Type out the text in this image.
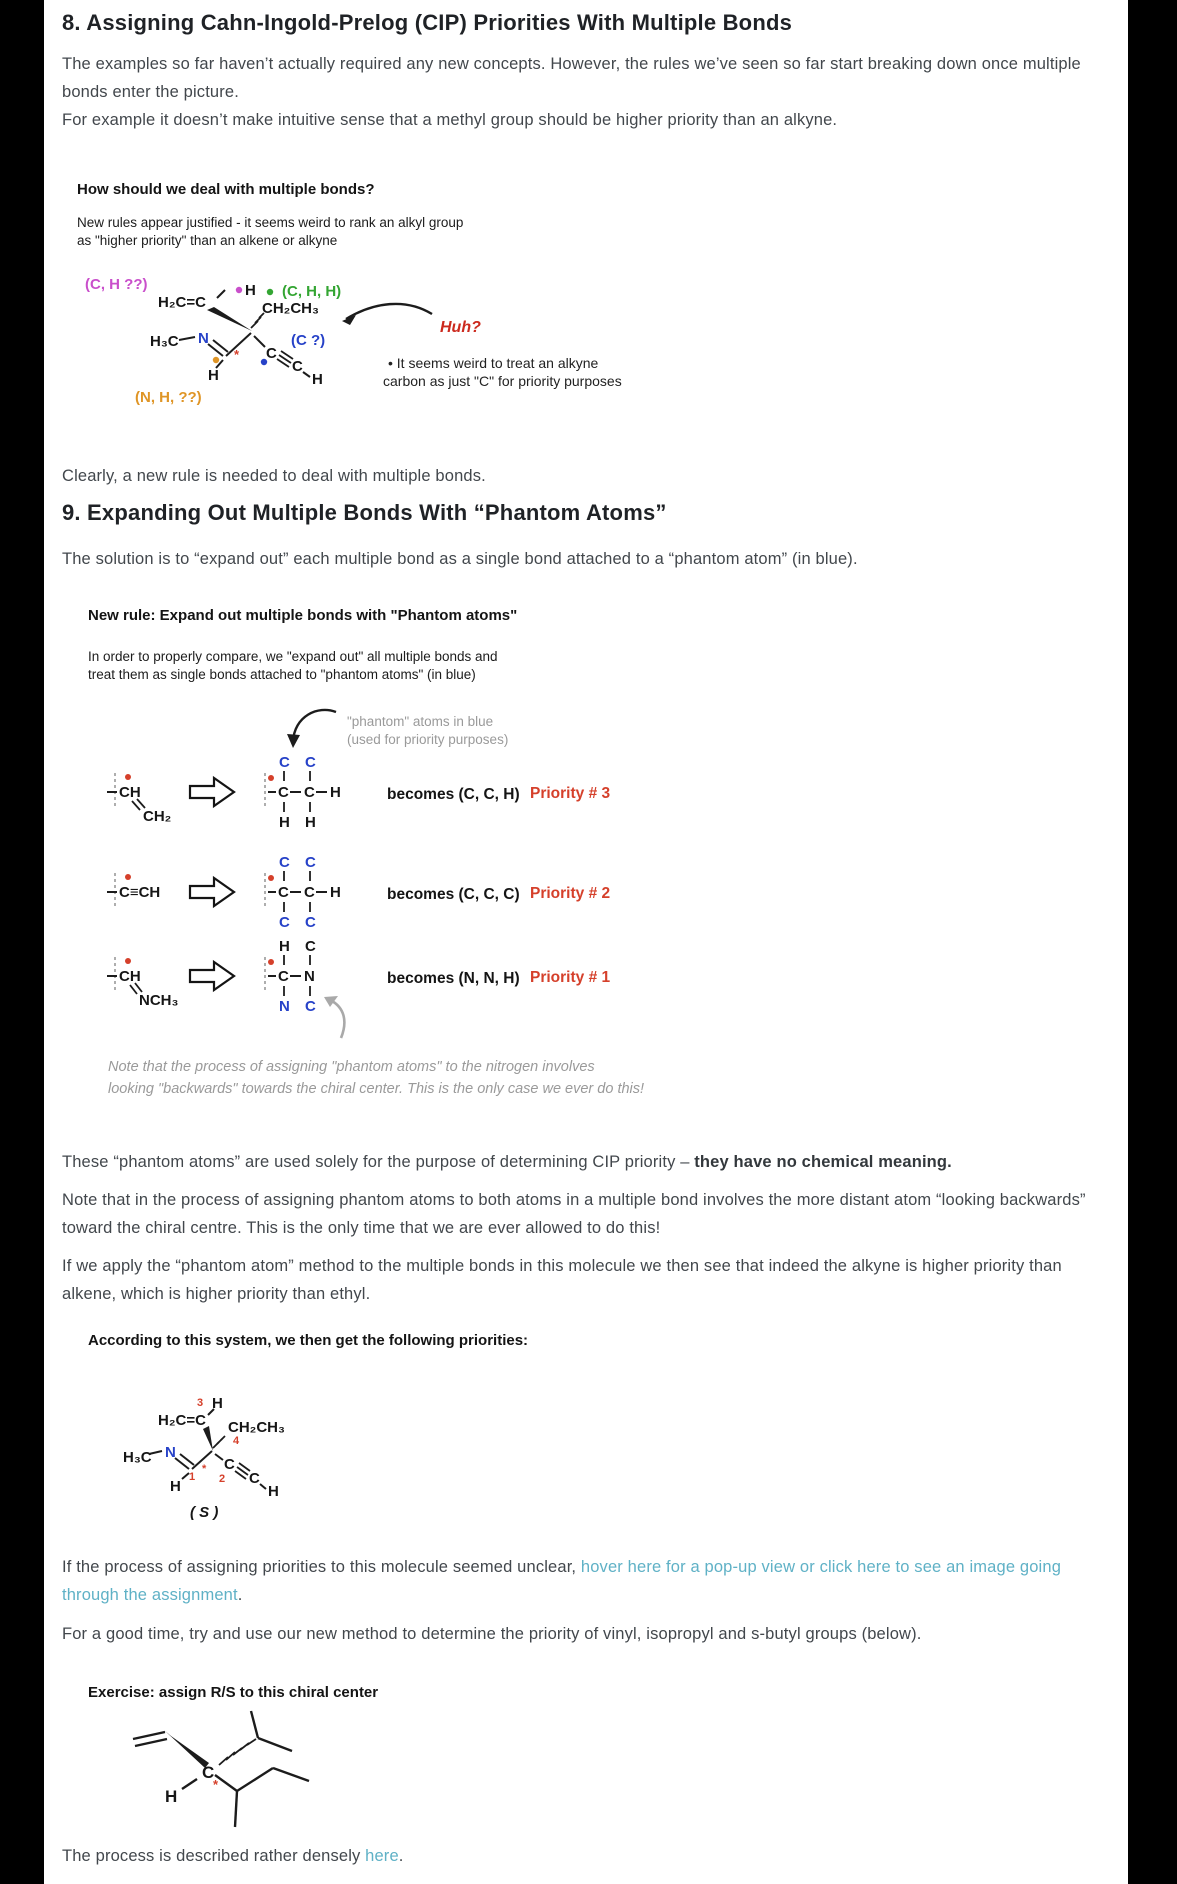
8. Assigning Cahn-Ingold-Prelog (CIP) Priorities With Multiple Bonds

The examples so far haven’t actually required any new concepts. However, the rules we’ve seen so far start breaking down once multiple bonds enter the picture.

For example it doesn’t make intuitive sense that a methyl group should be higher priority than an alkyne.

How should we deal with multiple bonds?
New rules appear justified - it seems weird to rank an alkyl group
as "higher priority" than an alkene or alkyne
(C, H ??)
H₂C=C
H (C, H, H)
CH₂CH₃
H₃C N
H
* C
C
H
(C ?)
(N, H, ??)
Huh?
• It seems weird to treat an alkyne
carbon as just "C" for priority purposes

Clearly, a new rule is needed to deal with multiple bonds.

9. Expanding Out Multiple Bonds With “Phantom Atoms”

The solution is to “expand out” each multiple bond as a single bond attached to a “phantom atom” (in blue).

New rule: Expand out multiple bonds with "Phantom atoms"
In order to properly compare, we "expand out" all multiple bonds and
treat them as single bonds attached to "phantom atoms" (in blue)
"phantom" atoms in blue
(used for priority purposes)
CH
CH₂
C C
C C H
H H
becomes (C, C, H) Priority # 3
C≡CH
C C
C C H
C C
becomes (C, C, C) Priority # 2
CH
NCH₃
H C
C N
N C
becomes (N, N, H) Priority # 1
Note that the process of assigning "phantom atoms" to the nitrogen involves
looking "backwards" towards the chiral center. This is the only case we ever do this!

These “phantom atoms” are used solely for the purpose of determining CIP priority – they have no chemical meaning.

Note that in the process of assigning phantom atoms to both atoms in a multiple bond involves the more distant atom “looking backwards” toward the chiral centre. This is the only time that we are ever allowed to do this!

If we apply the “phantom atom” method to the multiple bonds in this molecule we then see that indeed the alkyne is higher priority than alkene, which is higher priority than ethyl.

According to this system, we then get the following priorities:
H₂C=C
3 H
CH₂CH₃
4
H₃C N
H
1
*
2
C
C
H
( S )

If the process of assigning priorities to this molecule seemed unclear, hover here for a pop-up view or click here to see an image going through the assignment.

For a good time, try and use our new method to determine the priority of vinyl, isopropyl and s-butyl groups (below).

Exercise: assign R/S to this chiral center
C
*
H

The process is described rather densely here.
